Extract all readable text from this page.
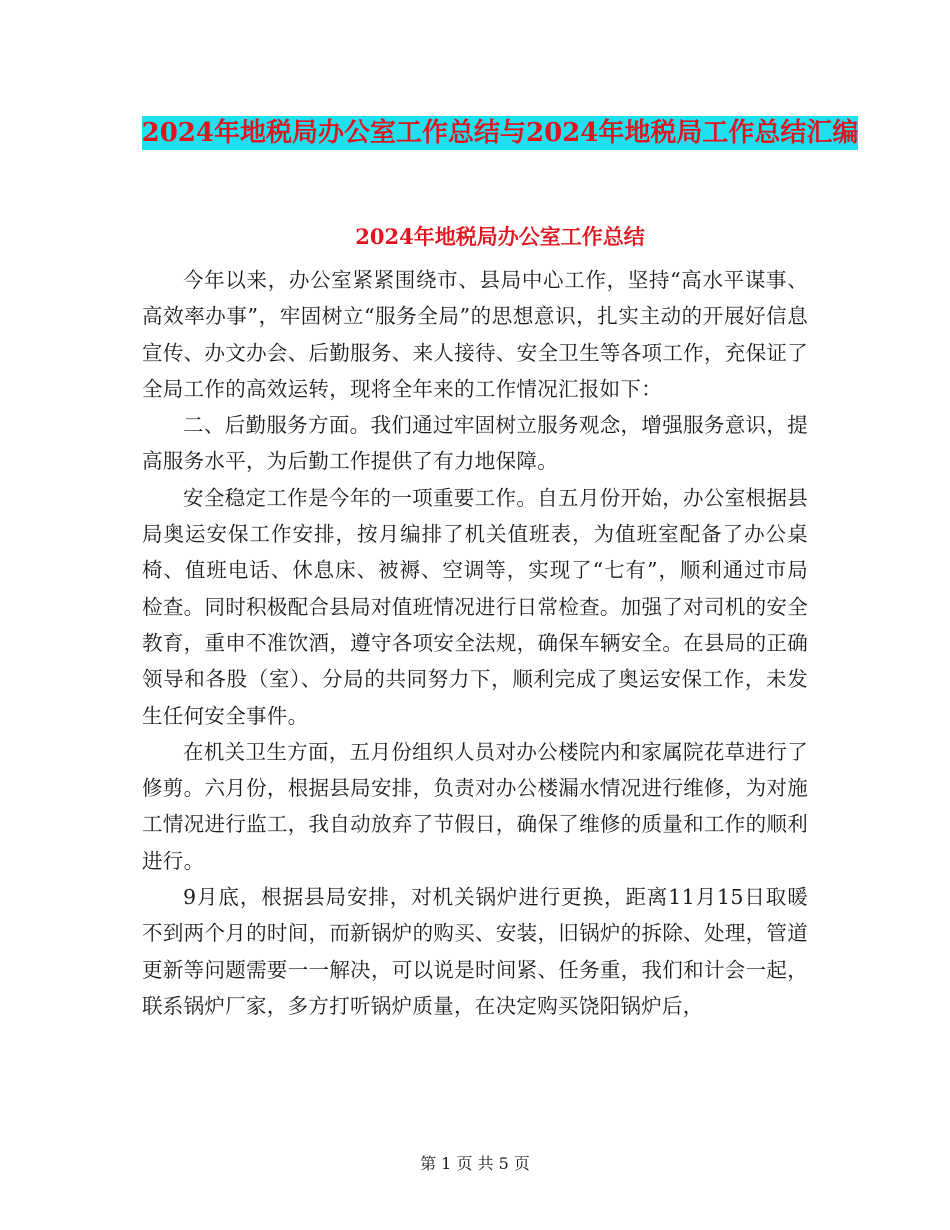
2024年地税局办公室工作总结与2024年地税局工作总结汇编
2024年地税局办公室工作总结

今年以来，办公室紧紧围绕市、县局中心工作，坚持“高水平谋事、高效率办事”，牢固树立“服务全局”的思想意识，扎实主动的开展好信息宣传、办文办会、后勤服务、来人接待、安全卫生等各项工作，充保证了全局工作的高效运转，现将全年来的工作情况汇报如下：

二、后勤服务方面。我们通过牢固树立服务观念，增强服务意识，提高服务水平，为后勤工作提供了有力地保障。

安全稳定工作是今年的一项重要工作。自五月份开始，办公室根据县局奥运安保工作安排，按月编排了机关值班表，为值班室配备了办公桌椅、值班电话、休息床、被褥、空调等，实现了“七有”，顺利通过市局检查。同时积极配合县局对值班情况进行日常检查。加强了对司机的安全教育，重申不准饮酒，遵守各项安全法规，确保车辆安全。在县局的正确领导和各股（室）、分局的共同努力下，顺利完成了奥运安保工作，未发生任何安全事件。

在机关卫生方面，五月份组织人员对办公楼院内和家属院花草进行了修剪。六月份，根据县局安排，负责对办公楼漏水情况进行维修，为对施工情况进行监工，我自动放弃了节假日，确保了维修的质量和工作的顺利进行。

9月底，根据县局安排，对机关锅炉进行更换，距离11月15日取暖不到两个月的时间，而新锅炉的购买、安装，旧锅炉的拆除、处理，管道更新等问题需要一一解决，可以说是时间紧、任务重，我们和计会一起，联系锅炉厂家，多方打听锅炉质量，在决定购买饶阳锅炉后，

第 1 页 共 5 页
